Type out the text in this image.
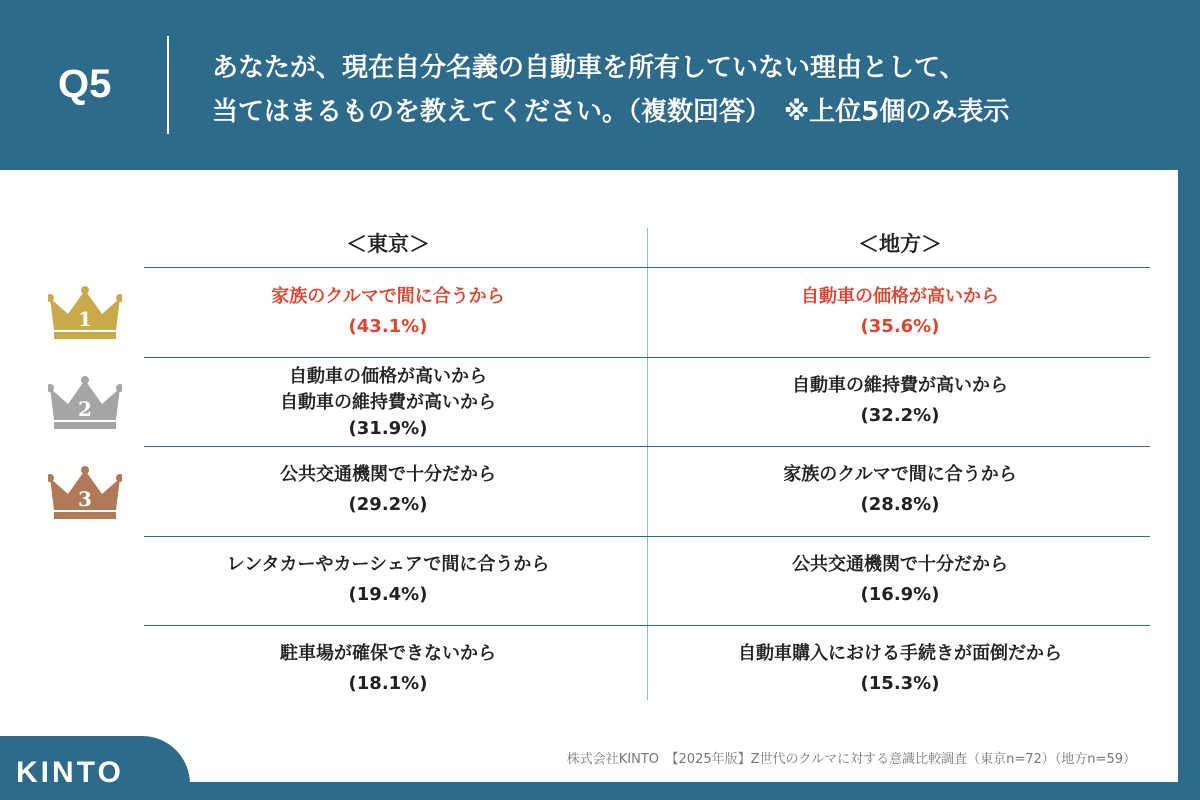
Q5	あなたが、現在自分名義の自動車を所有していない理由として、
当てはまるものを教えてください。（複数回答）　※上位5個のみ表示
＜東京＞	＜地方＞
1
2
3
家族のクルマで間に合うから
(43.1%)
自動車の価格が高いから
(35.6%)
自動車の価格が高いから
自動車の維持費が高いから
(31.9%)
自動車の維持費が高いから
(32.2%)
公共交通機関で十分だから
(29.2%)
家族のクルマで間に合うから
(28.8%)
レンタカーやカーシェアで間に合うから
(19.4%)
公共交通機関で十分だから
(16.9%)
駐車場が確保できないから
(18.1%)
自動車購入における手続きが面倒だから
(15.3%)
株式会社KINTO　【2025年版】Z世代のクルマに対する意識比較調査（東京n=72）（地方n=59）
KINTO
